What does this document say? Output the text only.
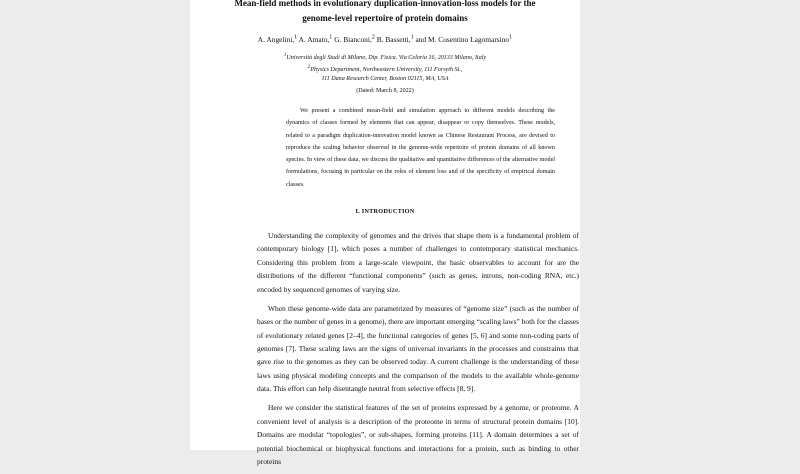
Mean-field methods in evolutionary duplication-innovation-loss models for the
genome-level repertoire of protein domains
A. Angelini,$^1$ A. Amato,$^1$ G. Bianconi,$^2$ B. Bassetti,$^1$ and M. Cosentino Lagomarsino$^1$
$^1$Università degli Studi di Milano, Dip. Fisica. Via Celoria 16, 20133 Milano, Italy
$^2$Physics Department, Northeastern University, 111 Forsyth St.,
111 Dana Research Center, Boston 02115, MA, USA
(Dated: March 8, 2022)

We present a combined mean-field and simulation approach to different models describing the dynamics of classes formed by elements that can appear, disappear or copy themselves. These models, related to a paradigm duplication-innovation model known as Chinese Restaurant Process, are devised to reproduce the scaling behavior observed in the genome-wide repertoire of protein domains of all known species. In view of these data, we discuss the qualitative and quantitative differences of the alternative model formulations, focusing in particular on the roles of element loss and of the specificity of empirical domain classes.

I. INTRODUCTION

Understanding the complexity of genomes and the drives that shape them is a fundamental problem of contemporary biology [1], which poses a number of challenges to contemporary statistical mechanics. Considering this problem from a large-scale viewpoint, the basic observables to account for are the distributions of the different “functional components” (such as genes, introns, non-coding RNA, etc.) encoded by sequenced genomes of varying size.

When these genome-wide data are parametrized by measures of “genome size” (such as the number of bases or the number of genes in a genome), there are important emerging “scaling laws” both for the classes of evolutionary related genes [2–4], the functional categories of genes [5, 6] and some non-coding parts of genomes [7]. These scaling laws are the signs of universal invariants in the processes and constraints that gave rise to the genomes as they can be observed today. A current challenge is the understanding of these laws using physical modeling concepts and the comparison of the models to the available whole-genome data. This effort can help disentangle neutral from selective effects [8, 9].

Here we consider the statistical features of the set of proteins expressed by a genome, or proteome. A convenient level of analysis is a description of the proteome in terms of structural protein domains [10]. Domains are modular “topologies”, or sub-shapes, forming proteins [11]. A domain determines a set of potential biochemical or biophysical functions and interactions for a protein, such as binding to other proteins
